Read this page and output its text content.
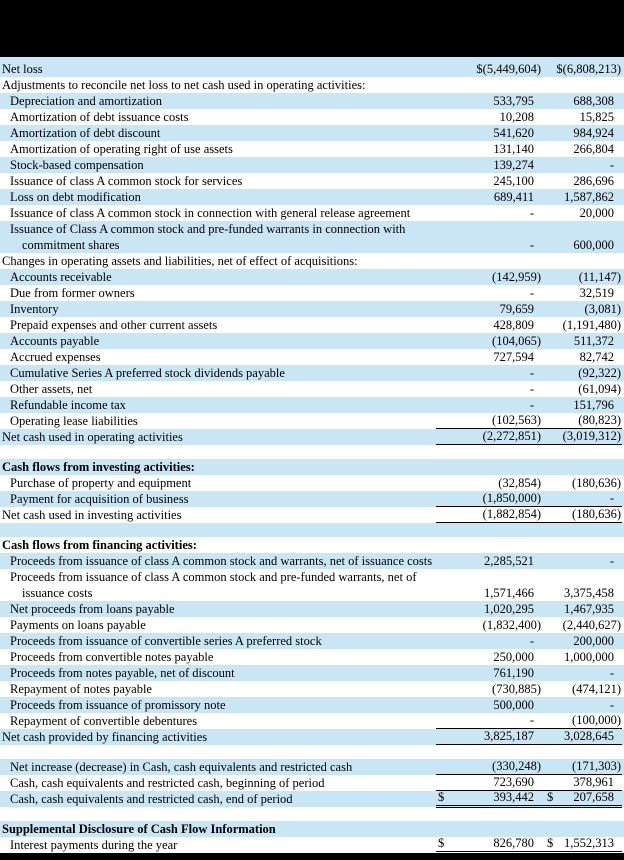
Net loss	$(5,449,604)	$(6,808,213)
Adjustments to reconcile net loss to net cash used in operating activities:
Depreciation and amortization	533,795	688,308
Amortization of debt issuance costs	10,208	15,825
Amortization of debt discount	541,620	984,924
Amortization of operating right of use assets	131,140	266,804
Stock-based compensation	139,274	-
Issuance of class A common stock for services	245,100	286,696
Loss on debt modification	689,411	1,587,862
Issuance of class A common stock in connection with general release agreement	-	20,000
Issuance of Class A common stock and pre-funded warrants in connection with
commitment shares	-	600,000
Changes in operating assets and liabilities, net of effect of acquisitions:
Accounts receivable	(142,959)	(11,147)
Due from former owners	-	32,519
Inventory	79,659	(3,081)
Prepaid expenses and other current assets	428,809	(1,191,480)
Accounts payable	(104,065)	511,372
Accrued expenses	727,594	82,742
Cumulative Series A preferred stock dividends payable	-	(92,322)
Other assets, net	-	(61,094)
Refundable income tax	-	151,796
Operating lease liabilities	(102,563)	(80,823)
Net cash used in operating activities	(2,272,851)	(3,019,312)
Cash flows from investing activities:
Purchase of property and equipment	(32,854)	(180,636)
Payment for acquisition of business	(1,850,000)	-
Net cash used in investing activities	(1,882,854)	(180,636)
Cash flows from financing activities:
Proceeds from issuance of class A common stock and warrants, net of issuance costs	2,285,521	-
Proceeds from issuance of class A common stock and pre-funded warrants, net of
issuance costs	1,571,466	3,375,458
Net proceeds from loans payable	1,020,295	1,467,935
Payments on loans payable	(1,832,400)	(2,440,627)
Proceeds from issuance of convertible series A preferred stock	-	200,000
Proceeds from convertible notes payable	250,000	1,000,000
Proceeds from notes payable, net of discount	761,190	-
Repayment of notes payable	(730,885)	(474,121)
Proceeds from issuance of promissory note	500,000	-
Repayment of convertible debentures	-	(100,000)
Net cash provided by financing activities	3,825,187	3,028,645
Net increase (decrease) in Cash, cash equivalents and restricted cash	(330,248)	(171,303)
Cash, cash equivalents and restricted cash, beginning of period	723,690	378,961
Cash, cash equivalents and restricted cash, end of period	$	393,442 $ 207,658
Supplemental Disclosure of Cash Flow Information
Interest payments during the year	$	826,780 $ 1,552,313
